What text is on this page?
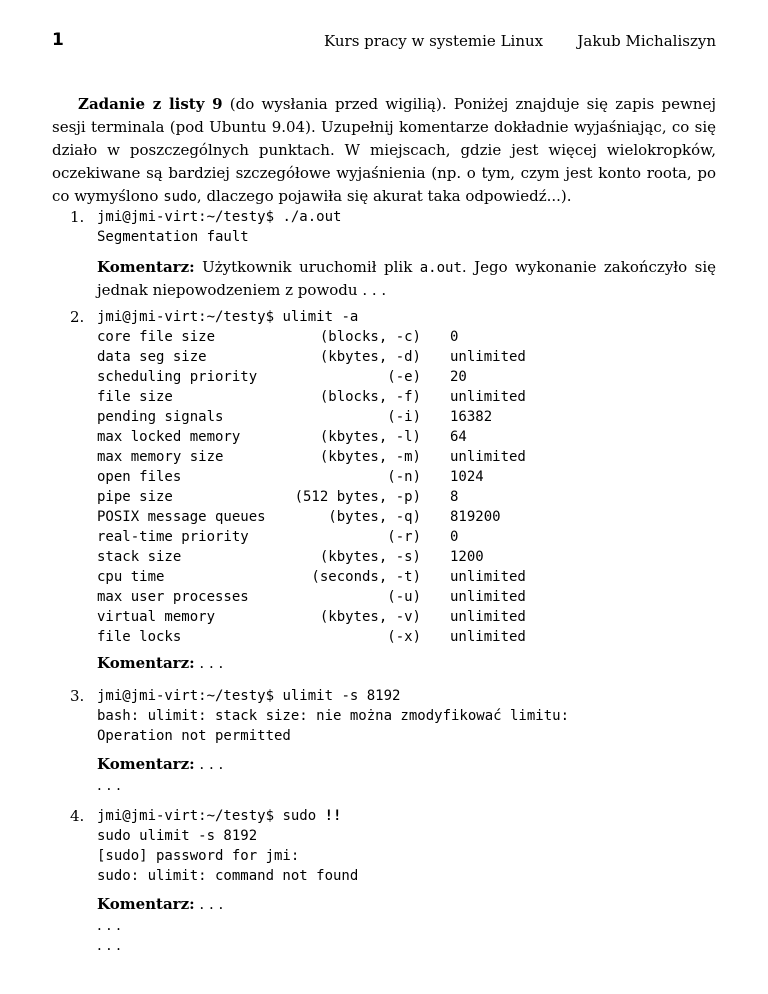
1	Kurs pracy w systemie Linux Jakub Michaliszyn

Zadanie z listy 9 (do wysłania przed wigilią). Poniżej znajduje się zapis pewnej sesji terminala (pod Ubuntu 9.04). Uzupełnij komentarze dokładnie wyjaśniając, co się działo w poszczególnych punktach. W miejscach, gdzie jest więcej wielokropków, oczekiwane są bardziej szczegółowe wyjaśnienia (np. o tym, czym jest konto roota, po co wymyślono sudo, dlaczego pojawiła się akurat taka odpowiedź...).

1. jmi@jmi-virt:~/testy$ ./a.out
Segmentation fault

Komentarz: Użytkownik uruchomił plik a.out. Jego wykonanie zakończyło się jednak niepowodzeniem z powodu . . .

2. jmi@jmi-virt:~/testy$ ulimit -a
core file size	(blocks, -c) 0
data seg size	(kbytes, -d) unlimited
scheduling priority	(-e) 20
file size	(blocks, -f) unlimited
pending signals	(-i) 16382
max locked memory	(kbytes, -l) 64
max memory size	(kbytes, -m) unlimited
open files	(-n) 1024
pipe size	(512 bytes, -p) 8
POSIX message queues	(bytes, -q) 819200
real-time priority	(-r) 0
stack size	(kbytes, -s) 1200
cpu time	(seconds, -t) unlimited
max user processes	(-u) unlimited
virtual memory	(kbytes, -v) unlimited
file locks	(-x) unlimited

Komentarz: . . .

3. jmi@jmi-virt:~/testy$ ulimit -s 8192
bash: ulimit: stack size: nie można zmodyfikować limitu:
Operation not permitted

Komentarz: . . .

. . .

4. jmi@jmi-virt:~/testy$ sudo !!
sudo ulimit -s 8192
[sudo] password for jmi:
sudo: ulimit: command not found

Komentarz: . . .

. . .

. . .
